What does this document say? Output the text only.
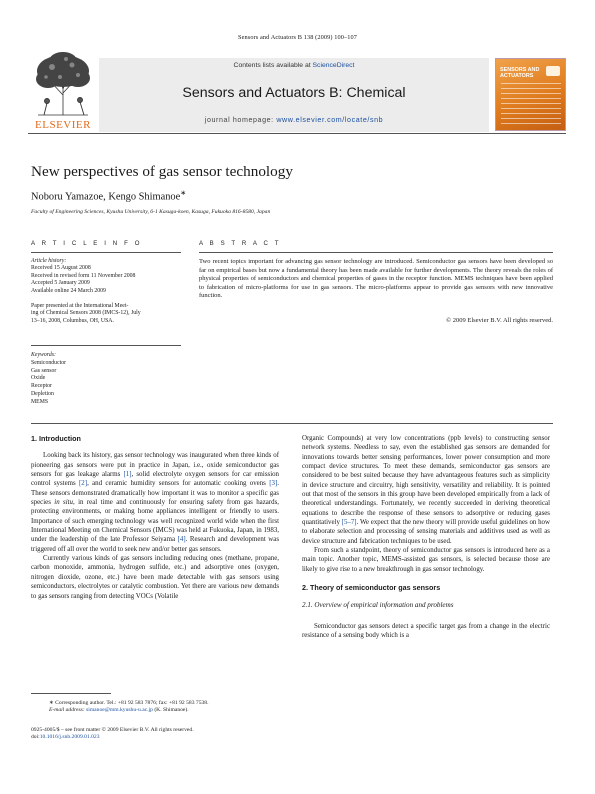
Sensors and Actuators B 138 (2009) 100–107
ELSEVIER
Contents lists available at ScienceDirect
Sensors and Actuators B: Chemical
journal homepage: www.elsevier.com/locate/snb
SENSORS AND
ACTUATORS
New perspectives of gas sensor technology
Noboru Yamazoe, Kengo Shimanoe∗
Faculty of Engineering Sciences, Kyushu University, 6-1 Kasuga-koen, Kasuga, Fukuoka 816-8580, Japan
A R T I C L E I N F O	A B S T R A C T
Article history:
Received 15 August 2008
Received in revised form 11 November 2008
Accepted 5 January 2009
Available online 24 March 2009
Paper presented at the International Meet-
ing of Chemical Sensors 2008 (IMCS-12), July
13–16, 2008, Columbus, OH, USA.
Keywords:
Semiconductor
Gas sensor
Oxide
Receptor
Depletion
MEMS
Two recent topics important for advancing gas sensor technology are introduced. Semiconductor gas sensors have been developed so far on empirical bases but now a fundamental theory has been made available for further developments. The theory reveals the roles of physical properties of semiconductors and chemical properties of gases in the receptor function. MEMS techniques have been applied to fabrication of micro-platforms for use in gas sensors. The micro-platforms appear to provide gas sensors with new innovative function.
© 2009 Elsevier B.V. All rights reserved.
1. Introduction
Looking back its history, gas sensor technology was inaugurated when three kinds of pioneering gas sensors were put in practice in Japan, i.e., oxide semiconductor gas sensors for gas leakage alarms [1], solid electrolyte oxygen sensors for car emission control systems [2], and ceramic humidity sensors for automatic cooking ovens [3]. These sensors demonstrated dramatically how important it was to monitor a specific gas species in situ, in real time and continuously for ensuring safety from gas hazards, protecting environments, or making home appliances intelligent or friendly to users. Importance of such emerging technology was well recognized world wide when the first International Meeting on Chemical Sensors (IMCS) was held at Fukuoka, Japan, in 1983, under the leadership of the late Professor Seiyama [4]. Research and development was triggered off all over the world to seek new and/or better gas sensors.
Currently various kinds of gas sensors including reducing ones (methane, propane, carbon monoxide, ammonia, hydrogen sulfide, etc.) and adsorptive ones (oxygen, nitrogen dioxide, ozone, etc.) have been made detectable with gas sensors using semiconductors, electrolytes or catalytic combustion. Yet there are various new demands to gas sensors ranging from detecting VOCs (Volatile
Organic Compounds) at very low concentrations (ppb levels) to constructing sensor network systems. Needless to say, even the established gas sensors are demanded for innovations towards better sensing performances, lower power consumption and more compact device structures. To meet these demands, semiconductor gas sensors are considered to be best suited because they have advantageous features such as simplicity in device structure and circuitry, high sensitivity, versatility and reliability. It is pointed out that most of the sensors in this group have been developed empirically from a lack of theoretical understandings. Fortunately, we recently succeeded in deriving theoretical equations to describe the response of these sensors to adsorptive or reducing gases quantitatively [5–7]. We expect that the new theory will provide useful guidelines on how to elaborate selection and processing of sensing materials and additives used as well as device structure and fabrication techniques to be used.
From such a standpoint, theory of semiconductor gas sensors is introduced here as a main topic. Another topic, MEMS-assisted gas sensors, is selected because those are likely to give rise to a new breakthrough in gas sensor technology.
2. Theory of semiconductor gas sensors
2.1. Overview of empirical information and problems
Semiconductor gas sensors detect a specific target gas from a change in the electric resistance of a sensing body which is a
∗ Corresponding author. Tel.: +81 92 583 7876; fax: +81 92 583 7538.
E-mail address: simanoe@mm.kyushu-u.ac.jp (K. Shimanoe).
0925-4005/$ – see front matter © 2009 Elsevier B.V. All rights reserved.
doi:10.1016/j.snb.2009.01.023
